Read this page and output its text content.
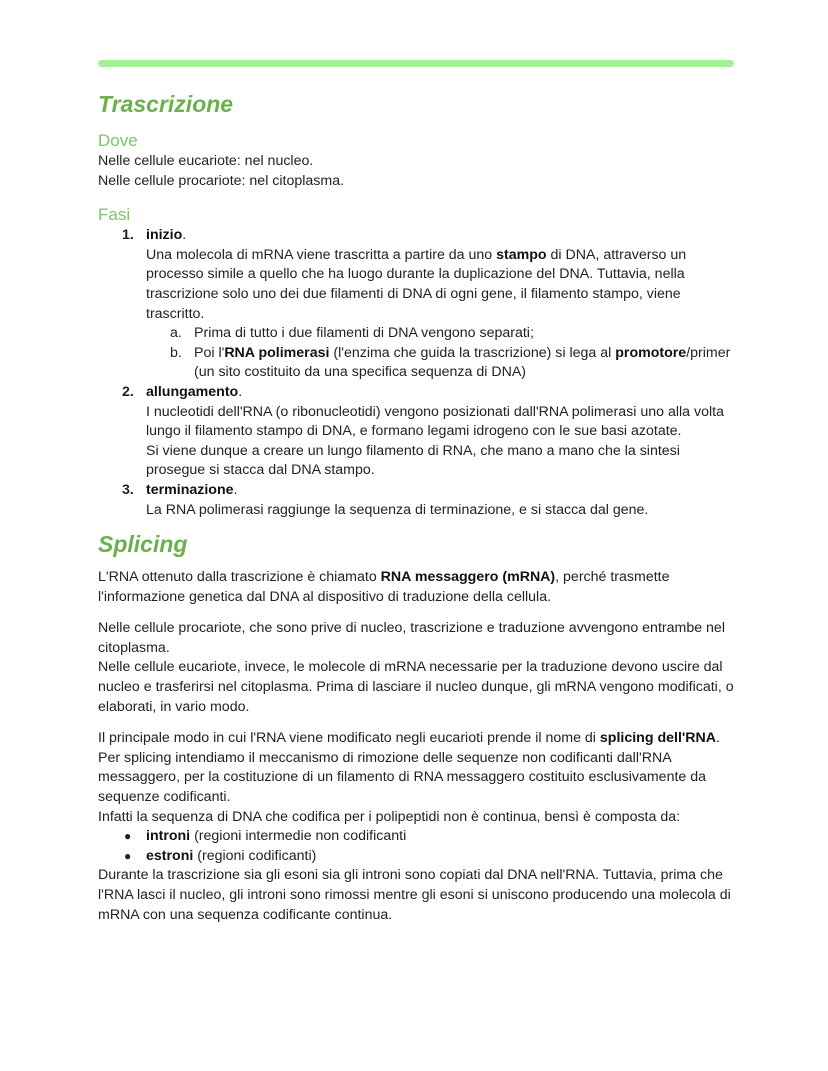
Trascrizione
Dove

Nelle cellule eucariote: nel nucleo.

Nelle cellule procariote: nel citoplasma.

Fasi
1. inizio.

Una molecola di mRNA viene trascritta a partire da uno stampo di DNA, attraverso un processo simile a quello che ha luogo durante la duplicazione del DNA. Tuttavia, nella trascrizione solo uno dei due filamenti di DNA di ogni gene, il filamento stampo, viene trascritto.

a. Prima di tutto i due filamenti di DNA vengono separati;
b. Poi l'RNA polimerasi (l'enzima che guida la trascrizione) si lega al promotore/primer (un sito costituito da una specifica sequenza di DNA)
2. allungamento.

I nucleotidi dell'RNA (o ribonucleotidi) vengono posizionati dall'RNA polimerasi uno alla volta lungo il filamento stampo di DNA, e formano legami idrogeno con le sue basi azotate.

Si viene dunque a creare un lungo filamento di RNA, che mano a mano che la sintesi prosegue si stacca dal DNA stampo.

3. terminazione.

La RNA polimerasi raggiunge la sequenza di terminazione, e si stacca dal gene.

Splicing

L'RNA ottenuto dalla trascrizione è chiamato RNA messaggero (mRNA), perché trasmette l'informazione genetica dal DNA al dispositivo di traduzione della cellula.

Nelle cellule procariote, che sono prive di nucleo, trascrizione e traduzione avvengono entrambe nel citoplasma.

Nelle cellule eucariote, invece, le molecole di mRNA necessarie per la traduzione devono uscire dal nucleo e trasferirsi nel citoplasma. Prima di lasciare il nucleo dunque, gli mRNA vengono modificati, o elaborati, in vario modo.

Il principale modo in cui l'RNA viene modificato negli eucarioti prende il nome di splicing dell'RNA. Per splicing intendiamo il meccanismo di rimozione delle sequenze non codificanti dall'RNA messaggero, per la costituzione di un filamento di RNA messaggero costituito esclusivamente da sequenze codificanti.

Infatti la sequenza di DNA che codifica per i polipeptidi non è continua, bensì è composta da:

● introni (regioni intermedie non codificanti
● estroni (regioni codificanti)

Durante la trascrizione sia gli esoni sia gli introni sono copiati dal DNA nell'RNA. Tuttavia, prima che l'RNA lasci il nucleo, gli introni sono rimossi mentre gli esoni si uniscono producendo una molecola di mRNA con una sequenza codificante continua.
